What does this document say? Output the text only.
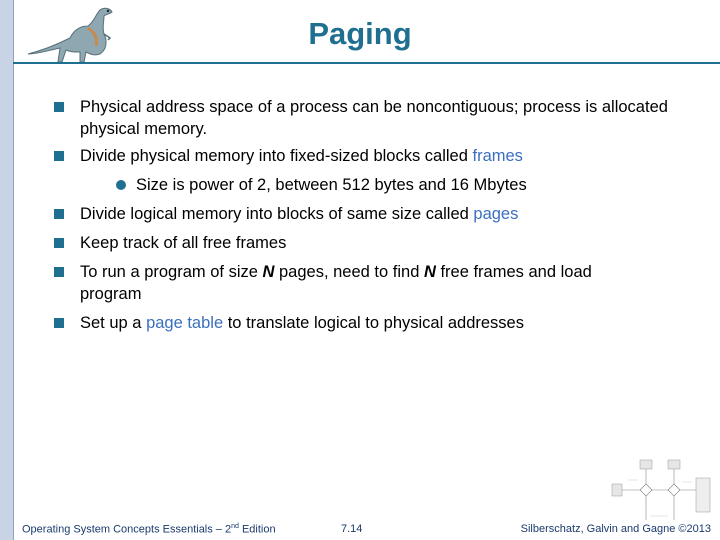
Paging
Physical address space of a process can be noncontiguous; process is allocated physical memory.
Divide physical memory into fixed-sized blocks called frames
Size is power of 2, between 512 bytes and 16 Mbytes
Divide logical memory into blocks of same size called pages
Keep track of all free frames
To run a program of size N pages, need to find N free frames and load program
Set up a page table to translate logical to physical addresses
Operating System Concepts Essentials – 2nd Edition	7.14	Silberschatz, Galvin and Gagne ©2013
